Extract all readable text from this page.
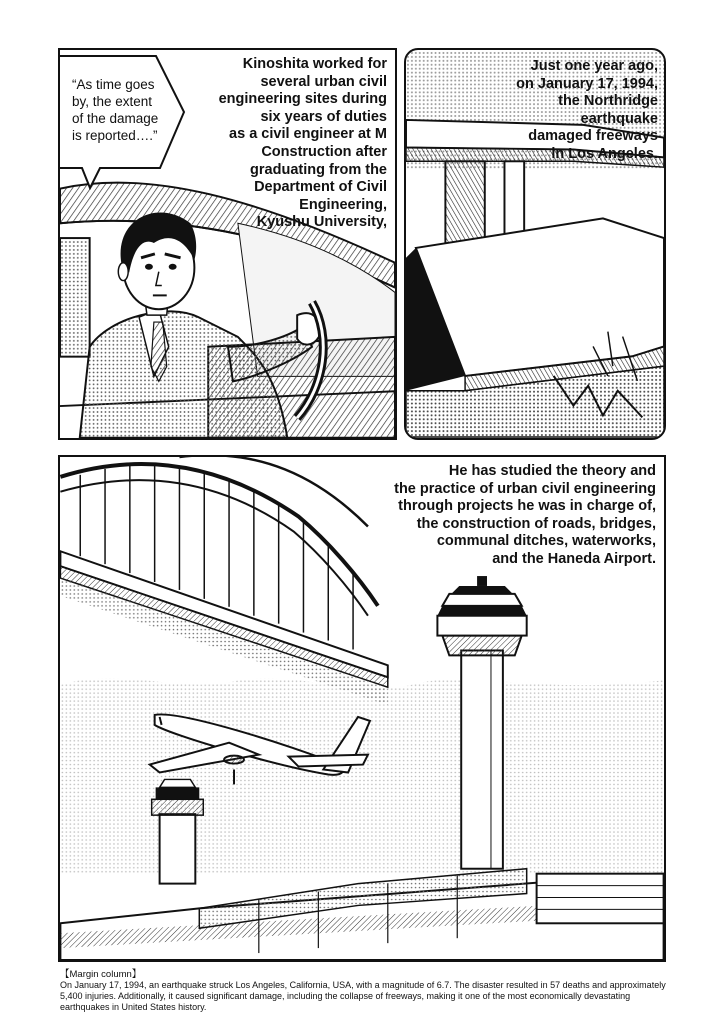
“As time goes
by, the extent
of the damage
is reported….”
Kinoshita worked for
several urban civil
engineering sites during
six years of duties
as a civil engineer at M
Construction after
graduating from the
Department of Civil
Engineering,
Kyushu University,
Just one year ago,
on January 17, 1994,
the Northridge
earthquake
damaged freeways
in Los Angeles.
He has studied the theory and
the practice of urban civil engineering
through projects he was in charge of,
the construction of roads, bridges,
communal ditches, waterworks,
and the Haneda Airport.
【Margin column】
On January 17, 1994, an earthquake struck Los Angeles, California, USA, with a magnitude of 6.7. The disaster resulted in 57 deaths and approximately 5,400 injuries. Additionally, it caused significant damage, including the collapse of freeways, making it one of the most economically devastating earthquakes in United States history.
